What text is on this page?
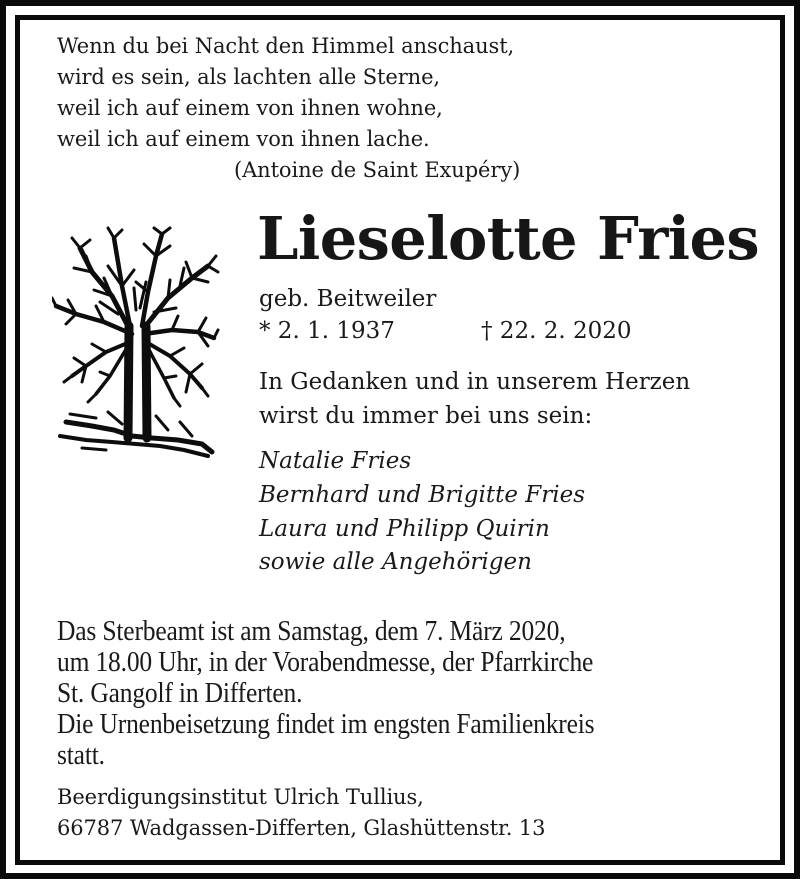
Wenn du bei Nacht den Himmel anschaust,
wird es sein, als lachten alle Sterne,
weil ich auf einem von ihnen wohne,
weil ich auf einem von ihnen lache.
(Antoine de Saint Exupéry)
Lieselotte Fries
geb. Beitweiler
* 2. 1. 1937	† 22. 2. 2020
In Gedanken und in unserem Herzen
wirst du immer bei uns sein:
Natalie Fries
Bernhard und Brigitte Fries
Laura und Philipp Quirin
sowie alle Angehörigen
Das Sterbeamt ist am Samstag, dem 7. März 2020,
um 18.00 Uhr, in der Vorabendmesse, der Pfarrkirche
St. Gangolf in Differten.
Die Urnenbeisetzung findet im engsten Familienkreis
statt.
Beerdigungsinstitut Ulrich Tullius,
66787 Wadgassen-Differten, Glashüttenstr. 13
